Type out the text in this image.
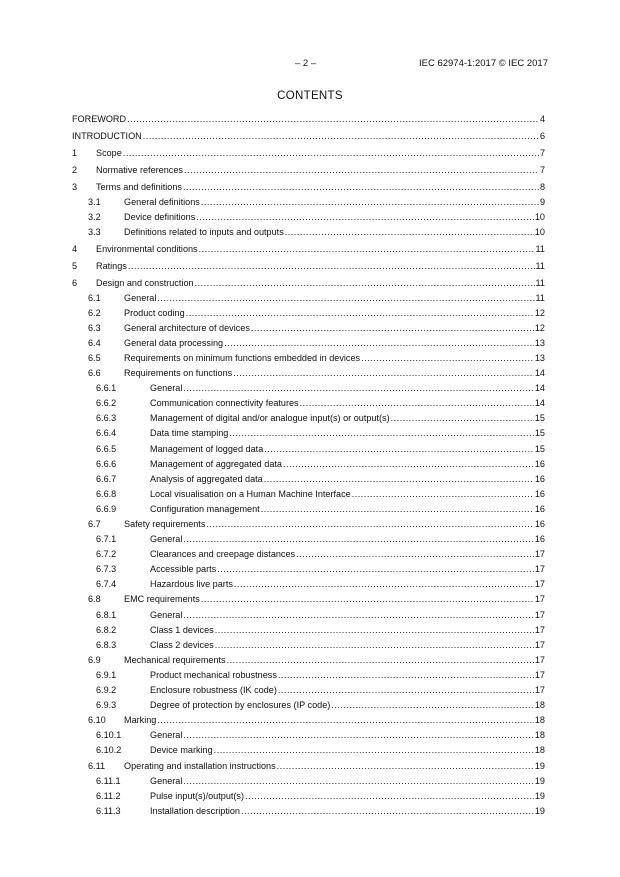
– 2 –	IEC 62974-1:2017 © IEC 2017
CONTENTS
FOREWORD .....	4
INTRODUCTION .....	6
1	Scope .....	7
2	Normative references .....	7
3	Terms and definitions .....	8
3.1	General definitions .....	9
3.2	Device definitions .....	10
3.3	Definitions related to inputs and outputs .....	10
4	Environmental conditions .....	11
5	Ratings .....	11
6	Design and construction .....	11
6.1	General .....	11
6.2	Product coding .....	12
6.3	General architecture of devices .....	12
6.4	General data processing .....	13
6.5	Requirements on minimum functions embedded in devices .....	13
6.6	Requirements on functions .....	14
6.6.1	General .....	14
6.6.2	Communication connectivity features .....	14
6.6.3	Management of digital and/or analogue input(s) or output(s) .....	15
6.6.4	Data time stamping .....	15
6.6.5	Management of logged data .....	15
6.6.6	Management of aggregated data .....	16
6.6.7	Analysis of aggregated data .....	16
6.6.8	Local visualisation on a Human Machine Interface .....	16
6.6.9	Configuration management .....	16
6.7	Safety requirements .....	16
6.7.1	General .....	16
6.7.2	Clearances and creepage distances .....	17
6.7.3	Accessible parts .....	17
6.7.4	Hazardous live parts .....	17
6.8	EMC requirements .....	17
6.8.1	General .....	17
6.8.2	Class 1 devices .....	17
6.8.3	Class 2 devices .....	17
6.9	Mechanical requirements .....	17
6.9.1	Product mechanical robustness .....	17
6.9.2	Enclosure robustness (IK code) .....	17
6.9.3	Degree of protection by enclosures (IP code) .....	18
6.10	Marking .....	18
6.10.1	General .....	18
6.10.2	Device marking .....	18
6.11	Operating and installation instructions .....	19
6.11.1	General .....	19
6.11.2	Pulse input(s)/output(s) .....	19
6.11.3	Installation description .....	19
